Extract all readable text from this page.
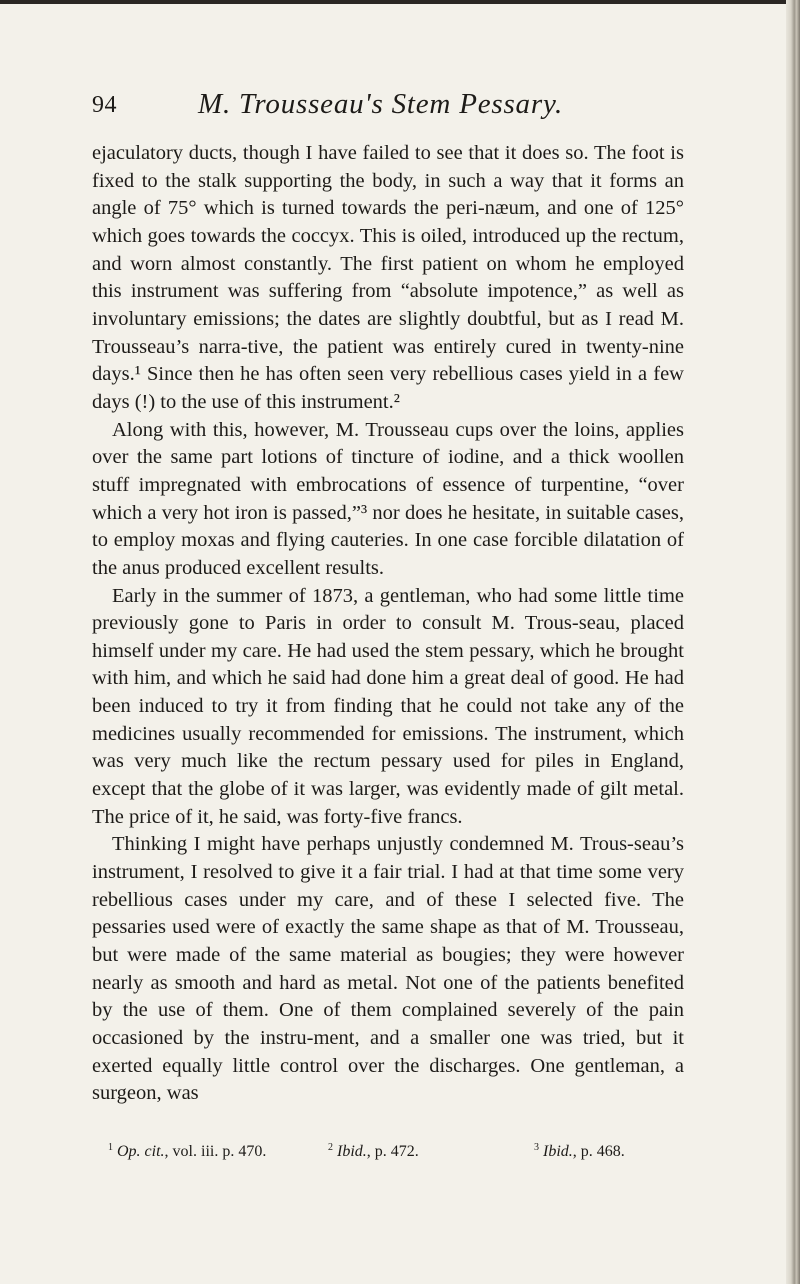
94	M. Trousseau's Stem Pessary.

ejaculatory ducts, though I have failed to see that it does so. The foot is fixed to the stalk supporting the body, in such a way that it forms an angle of 75° which is turned towards the peri-næum, and one of 125° which goes towards the coccyx. This is oiled, introduced up the rectum, and worn almost constantly. The first patient on whom he employed this instrument was suffering from “absolute impotence,” as well as involuntary emissions; the dates are slightly doubtful, but as I read M. Trousseau’s narra-tive, the patient was entirely cured in twenty-nine days.¹ Since then he has often seen very rebellious cases yield in a few days (!) to the use of this instrument.²

Along with this, however, M. Trousseau cups over the loins, applies over the same part lotions of tincture of iodine, and a thick woollen stuff impregnated with embrocations of essence of turpentine, “over which a very hot iron is passed,”³ nor does he hesitate, in suitable cases, to employ moxas and flying cauteries. In one case forcible dilatation of the anus produced excellent results.

Early in the summer of 1873, a gentleman, who had some little time previously gone to Paris in order to consult M. Trous-seau, placed himself under my care. He had used the stem pessary, which he brought with him, and which he said had done him a great deal of good. He had been induced to try it from finding that he could not take any of the medicines usually recommended for emissions. The instrument, which was very much like the rectum pessary used for piles in England, except that the globe of it was larger, was evidently made of gilt metal. The price of it, he said, was forty-five francs.

Thinking I might have perhaps unjustly condemned M. Trous-seau’s instrument, I resolved to give it a fair trial. I had at that time some very rebellious cases under my care, and of these I selected five. The pessaries used were of exactly the same shape as that of M. Trousseau, but were made of the same material as bougies; they were however nearly as smooth and hard as metal. Not one of the patients benefited by the use of them. One of them complained severely of the pain occasioned by the instru-ment, and a smaller one was tried, but it exerted equally little control over the discharges. One gentleman, a surgeon, was

$^1$ Op. cit., vol. iii. p. 470.	$^2$ Ibid., p. 472.	$^3$ Ibid., p. 468.
